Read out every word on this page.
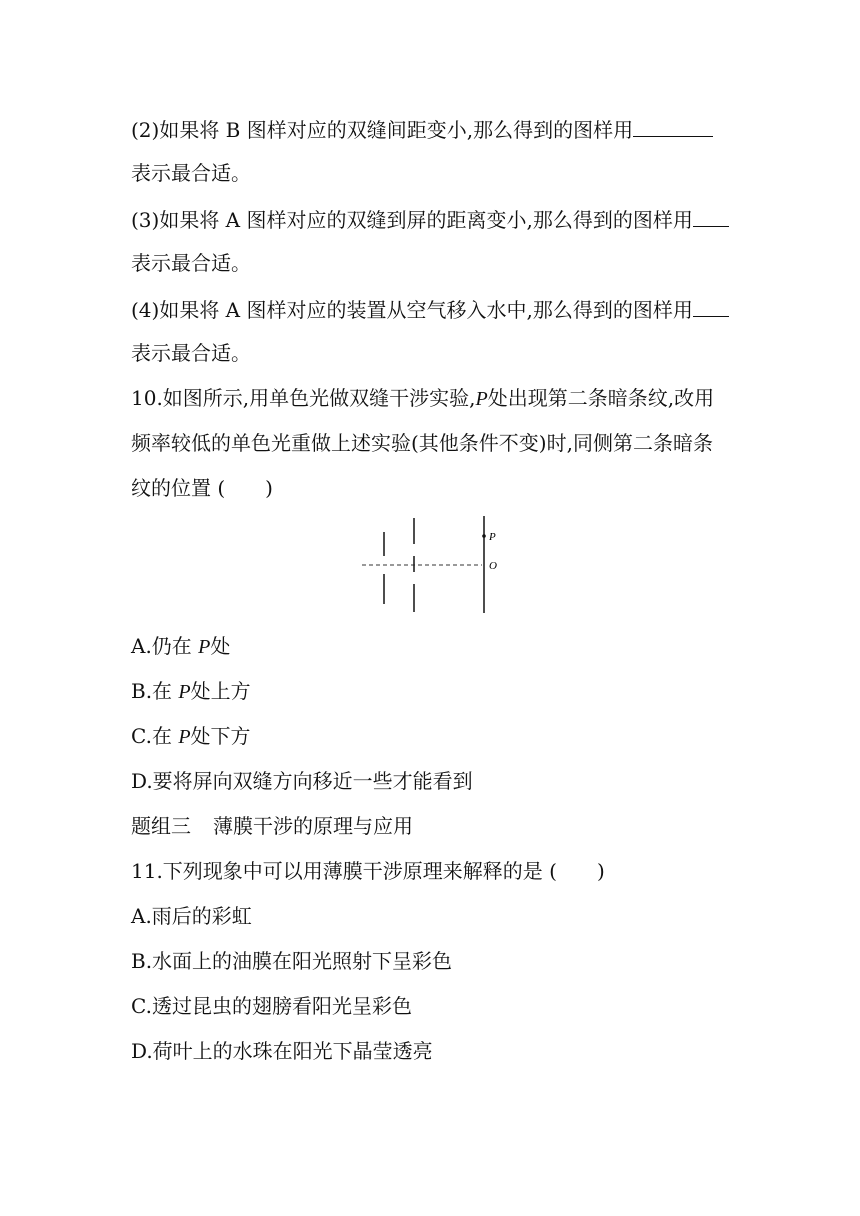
(2)如果将 B 图样对应的双缝间距变小,那么得到的图样用
表示最合适。
(3)如果将 A 图样对应的双缝到屏的距离变小,那么得到的图样用
表示最合适。
(4)如果将 A 图样对应的装置从空气移入水中,那么得到的图样用
表示最合适。
10.如图所示,用单色光做双缝干涉实验,P处出现第二条暗条纹,改用
频率较低的单色光重做上述实验(其他条件不变)时,同侧第二条暗条
纹的位置 (　　)
P
O
A.仍在 P处
B.在 P处上方
C.在 P处下方
D.要将屏向双缝方向移近一些才能看到
题组三 薄膜干涉的原理与应用
11.下列现象中可以用薄膜干涉原理来解释的是 (　　)
A.雨后的彩虹
B.水面上的油膜在阳光照射下呈彩色
C.透过昆虫的翅膀看阳光呈彩色
D.荷叶上的水珠在阳光下晶莹透亮
